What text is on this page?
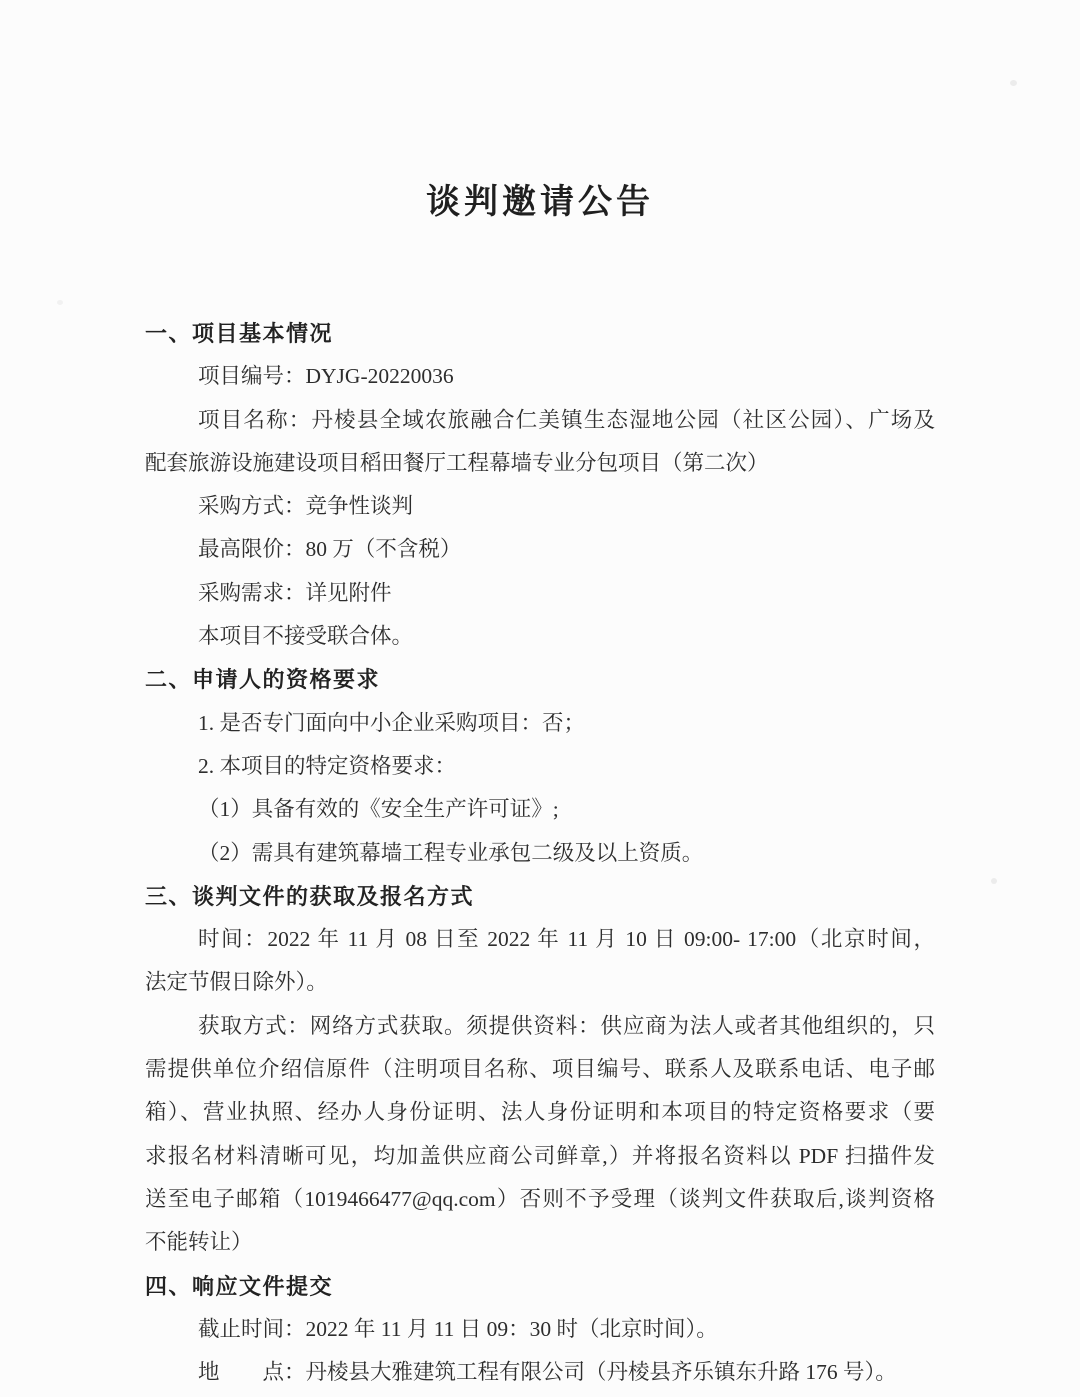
谈判邀请公告
一、项目基本情况
项目编号：DYJG-20220036
项目名称：丹棱县全域农旅融合仁美镇生态湿地公园（社区公园）、广场及
配套旅游设施建设项目稻田餐厅工程幕墙专业分包项目（第二次）
采购方式：竞争性谈判
最高限价：80 万（不含税）
采购需求：详见附件
本项目不接受联合体。
二、申请人的资格要求
1. 是否专门面向中小企业采购项目：否；
2. 本项目的特定资格要求：
（1）具备有效的《安全生产许可证》;
（2）需具有建筑幕墙工程专业承包二级及以上资质。
三、谈判文件的获取及报名方式
时间：2022 年 11 月 08 日至 2022 年 11 月 10 日 09:00- 17:00（北京时间，
法定节假日除外）。
获取方式：网络方式获取。须提供资料：供应商为法人或者其他组织的，只
需提供单位介绍信原件（注明项目名称、项目编号、联系人及联系电话、电子邮
箱）、营业执照、经办人身份证明、法人身份证明和本项目的特定资格要求（要
求报名材料清晰可见，均加盖供应商公司鲜章,）并将报名资料以 PDF 扫描件发
送至电子邮箱（1019466477@qq.com）否则不予受理（谈判文件获取后,谈判资格
不能转让）
四、响应文件提交
截止时间：2022 年 11 月 11 日 09：30 时（北京时间）。
地　　点：丹棱县大雅建筑工程有限公司（丹棱县齐乐镇东升路 176 号）。
